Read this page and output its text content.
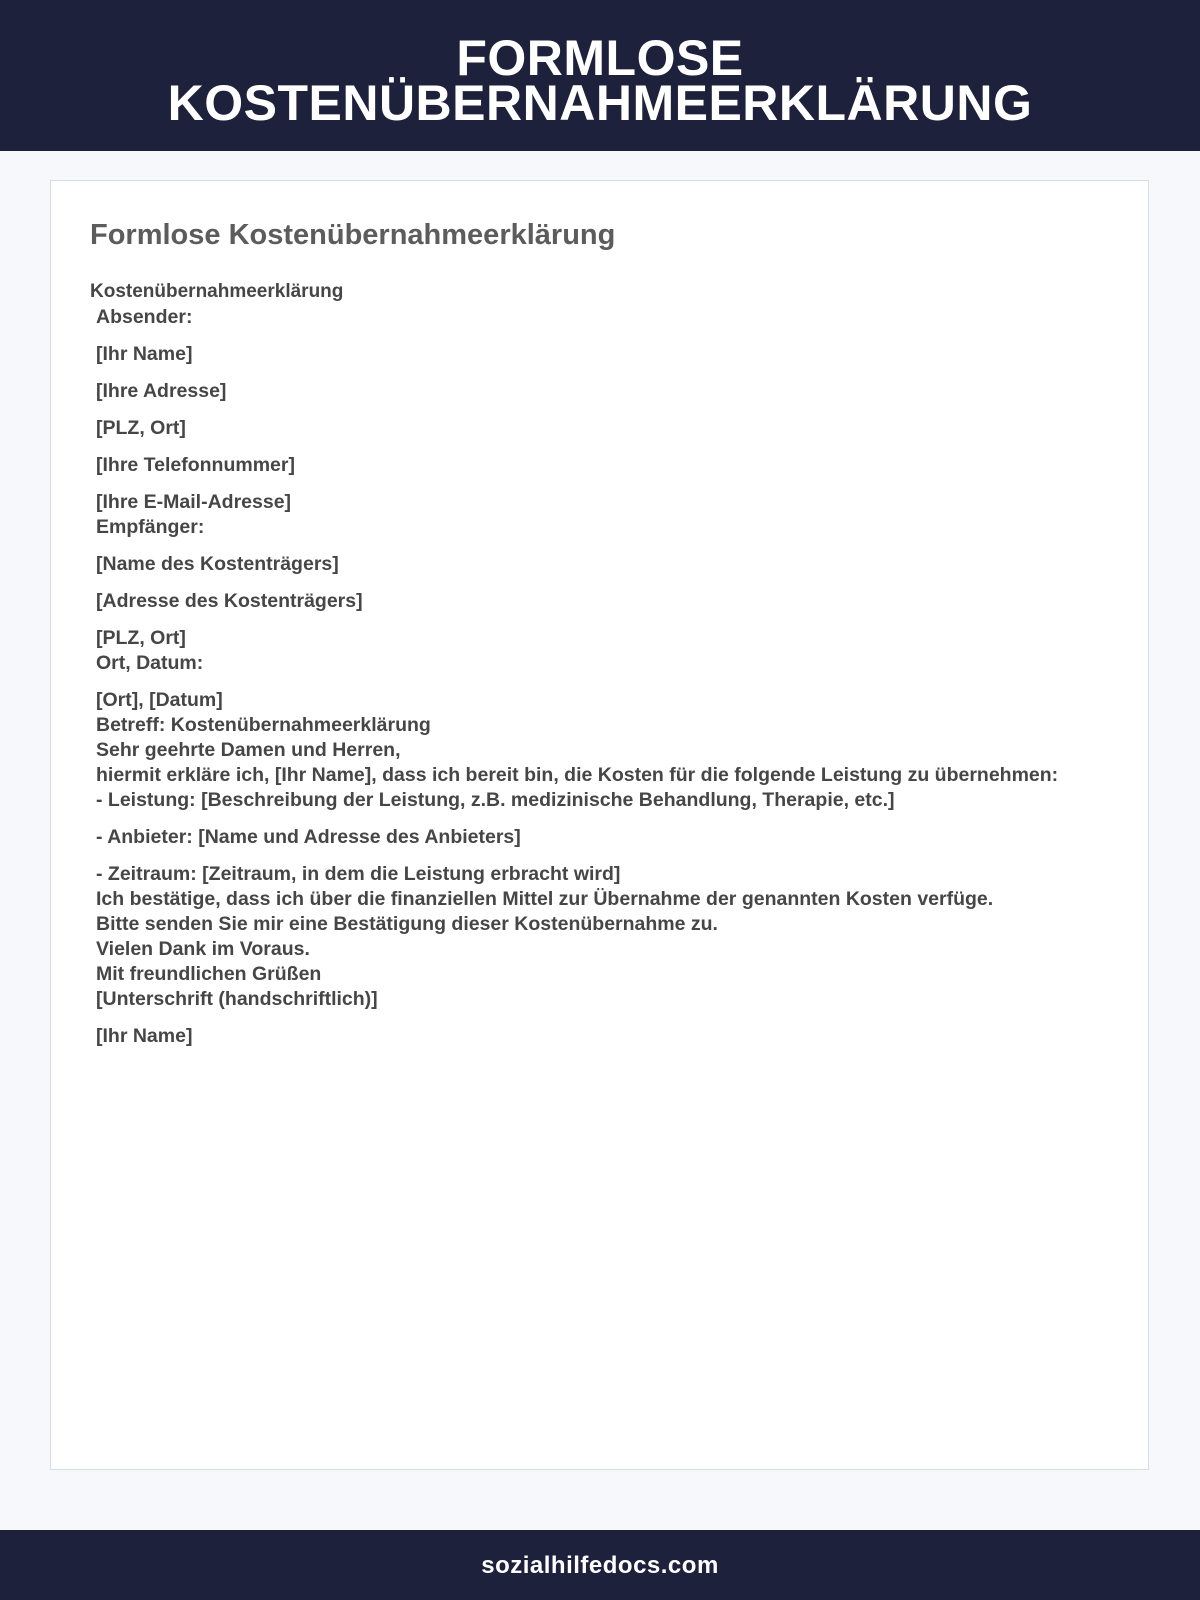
FORMLOSE
KOSTENÜBERNAHMEERKLÄRUNG
Formlose Kostenübernahmeerklärung
Kostenübernahmeerklärung

Absender:

[Ihr Name]

[Ihre Adresse]

[PLZ, Ort]

[Ihre Telefonnummer]

[Ihre E-Mail-Adresse]

Empfänger:

[Name des Kostenträgers]

[Adresse des Kostenträgers]

[PLZ, Ort]

Ort, Datum:

[Ort], [Datum]

Betreff: Kostenübernahmeerklärung

Sehr geehrte Damen und Herren,

hiermit erkläre ich, [Ihr Name], dass ich bereit bin, die Kosten für die folgende Leistung zu übernehmen:

- Leistung: [Beschreibung der Leistung, z.B. medizinische Behandlung, Therapie, etc.]

- Anbieter: [Name und Adresse des Anbieters]

- Zeitraum: [Zeitraum, in dem die Leistung erbracht wird]

Ich bestätige, dass ich über die finanziellen Mittel zur Übernahme der genannten Kosten verfüge.

Bitte senden Sie mir eine Bestätigung dieser Kostenübernahme zu.

Vielen Dank im Voraus.

Mit freundlichen Grüßen

[Unterschrift (handschriftlich)]

[Ihr Name]

sozialhilfedocs.com
